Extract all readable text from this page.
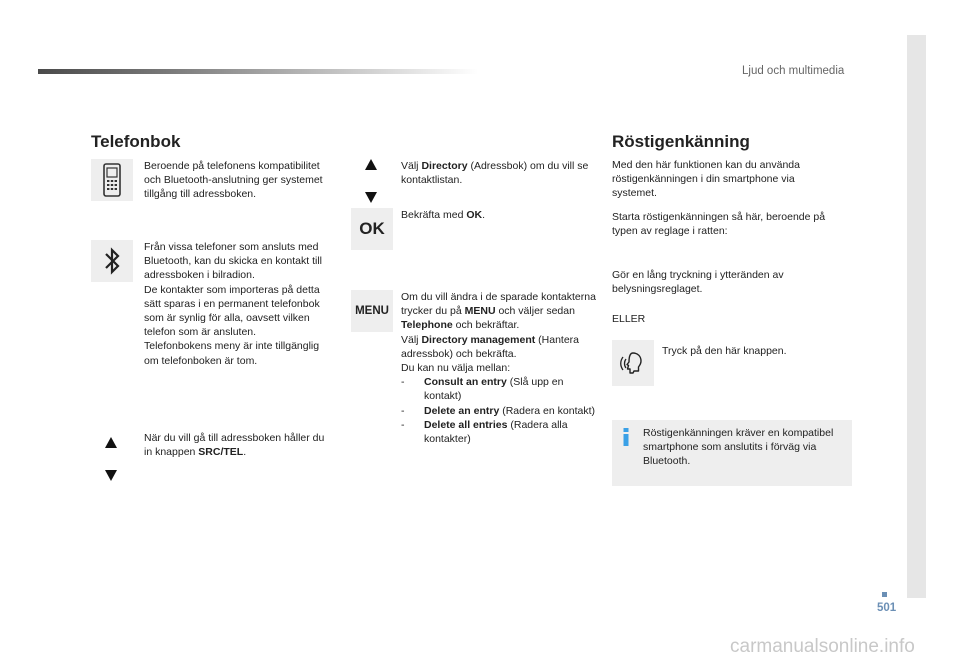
Ljud och multimedia
Telefonbok
Beroende på telefonens kompatibilitet och Bluetooth-anslutning ger systemet tillgång till adressboken.
Från vissa telefoner som ansluts med Bluetooth, kan du skicka en kontakt till adressboken i bilradion.
De kontakter som importeras på detta sätt sparas i en permanent telefonbok som är synlig för alla, oavsett vilken telefon som är ansluten.
Telefonbokens meny är inte tillgänglig om telefonboken är tom.
När du vill gå till adressboken håller du in knappen SRC/TEL.
Välj Directory (Adressbok) om du vill se kontaktlistan.
OK
Bekräfta med OK.
MENU
Om du vill ändra i de sparade kontakterna trycker du på MENU och väljer sedan Telephone och bekräftar.
Välj Directory management (Hantera adressbok) och bekräfta.
Du kan nu välja mellan:
- Consult an entry (Slå upp en kontakt)
- Delete an entry (Radera en kontakt)
- Delete all entries (Radera alla kontakter)
Röstigenkänning
Med den här funktionen kan du använda röstigenkänningen i din smartphone via systemet.
Starta röstigenkänningen så här, beroende på typen av reglage i ratten:
Gör en lång tryckning i ytteränden av belysningsreglaget.
ELLER
Tryck på den här knappen.
Röstigenkänningen kräver en kompatibel smartphone som anslutits i förväg via Bluetooth.
501
carmanualsonline.info
